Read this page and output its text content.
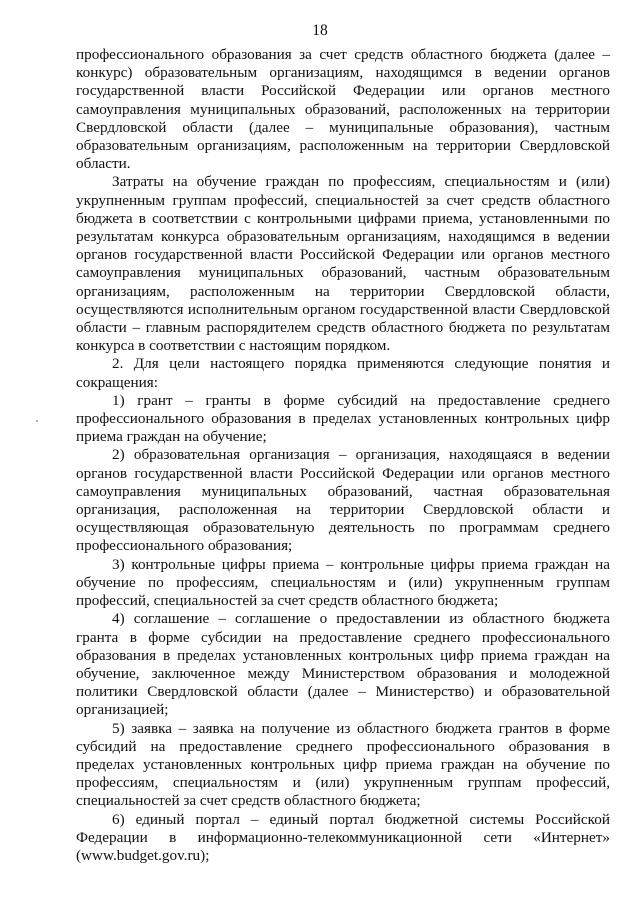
18

профессионального образования за счет средств областного бюджета (далее – конкурс) образовательным организациям, находящимся в ведении органов государственной власти Российской Федерации или органов местного самоуправления муниципальных образований, расположенных на территории Свердловской области (далее – муниципальные образования), частным образовательным организациям, расположенным на территории Свердловской области.

Затраты на обучение граждан по профессиям, специальностям и (или) укрупненным группам профессий, специальностей за счет средств областного бюджета в соответствии с контрольными цифрами приема, установленными по результатам конкурса образовательным организациям, находящимся в ведении органов государственной власти Российской Федерации или органов местного самоуправления муниципальных образований, частным образовательным организациям, расположенным на территории Свердловской области, осуществляются исполнительным органом государственной власти Свердловской области – главным распорядителем средств областного бюджета по результатам конкурса в соответствии с настоящим порядком.

2. Для цели настоящего порядка применяются следующие понятия и сокращения:

1) грант – гранты в форме субсидий на предоставление среднего профессионального образования в пределах установленных контрольных цифр приема граждан на обучение;

2) образовательная организация – организация, находящаяся в ведении органов государственной власти Российской Федерации или органов местного самоуправления муниципальных образований, частная образовательная организация, расположенная на территории Свердловской области и осуществляющая образовательную деятельность по программам среднего профессионального образования;

3) контрольные цифры приема – контрольные цифры приема граждан на обучение по профессиям, специальностям и (или) укрупненным группам профессий, специальностей за счет средств областного бюджета;

4) соглашение – соглашение о предоставлении из областного бюджета гранта в форме субсидии на предоставление среднего профессионального образования в пределах установленных контрольных цифр приема граждан на обучение, заключенное между Министерством образования и молодежной политики Свердловской области (далее – Министерство) и образовательной организацией;

5) заявка – заявка на получение из областного бюджета грантов в форме субсидий на предоставление среднего профессионального образования в пределах установленных контрольных цифр приема граждан на обучение по профессиям, специальностям и (или) укрупненным группам профессий, специальностей за счет средств областного бюджета;

6) единый портал – единый портал бюджетной системы Российской Федерации в информационно-телекоммуникационной сети «Интернет» (www.budget.gov.ru);
